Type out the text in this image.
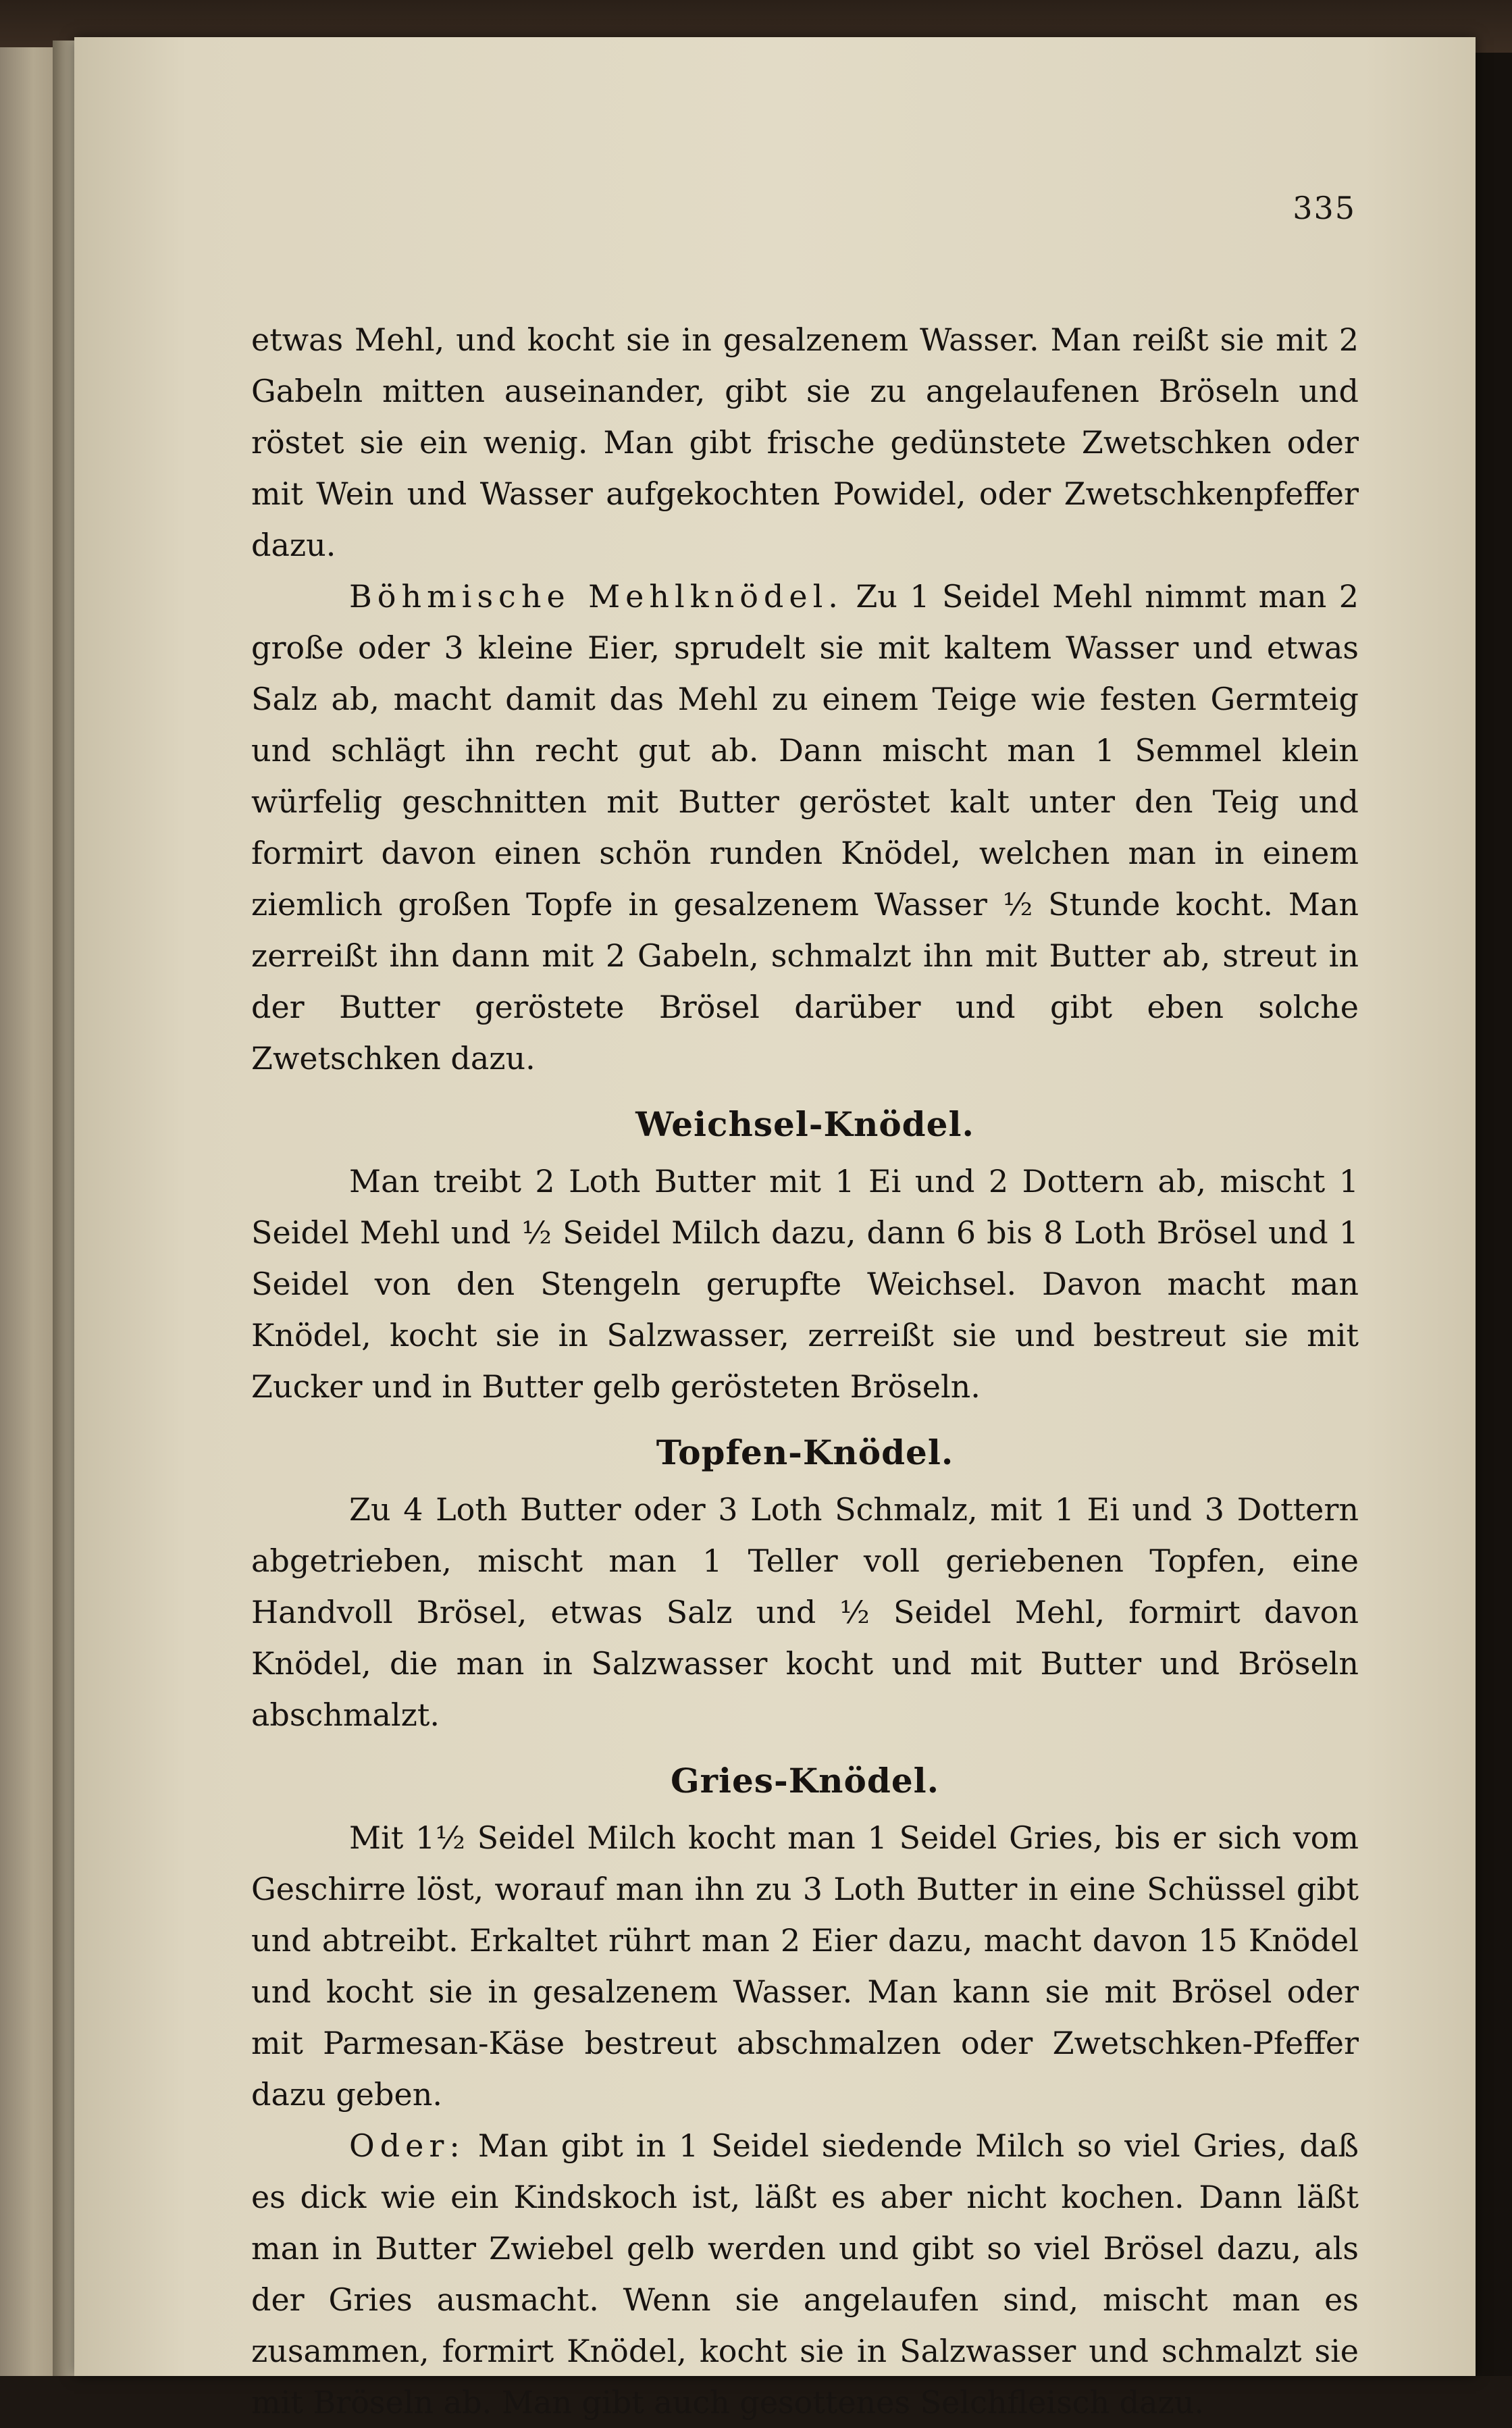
335

etwas Mehl, und kocht sie in gesalzenem Wasser. Man reißt sie mit 2 Gabeln mitten auseinander, gibt sie zu angelaufenen Bröseln und röstet sie ein wenig. Man gibt frische gedünstete Zwetschken oder mit Wein und Wasser aufgekochten Powidel, oder Zwetschkenpfeffer dazu.

Böhmische Mehlknödel. Zu 1 Seidel Mehl nimmt man 2 große oder 3 kleine Eier, sprudelt sie mit kaltem Wasser und etwas Salz ab, macht damit das Mehl zu einem Teige wie festen Germteig und schlägt ihn recht gut ab. Dann mischt man 1 Semmel klein würfelig geschnitten mit Butter geröstet kalt unter den Teig und formirt davon einen schön runden Knödel, welchen man in einem ziemlich großen Topfe in gesalzenem Wasser ½ Stunde kocht. Man zerreißt ihn dann mit 2 Gabeln, schmalzt ihn mit Butter ab, streut in der Butter geröstete Brösel darüber und gibt eben solche Zwetschken dazu.

Weichsel-Knödel.

Man treibt 2 Loth Butter mit 1 Ei und 2 Dottern ab, mischt 1 Seidel Mehl und ½ Seidel Milch dazu, dann 6 bis 8 Loth Brösel und 1 Seidel von den Stengeln gerupfte Weichsel. Davon macht man Knödel, kocht sie in Salzwasser, zerreißt sie und bestreut sie mit Zucker und in Butter gelb gerösteten Bröseln.

Topfen-Knödel.

Zu 4 Loth Butter oder 3 Loth Schmalz, mit 1 Ei und 3 Dottern abgetrieben, mischt man 1 Teller voll geriebenen Topfen, eine Handvoll Brösel, etwas Salz und ½ Seidel Mehl, formirt davon Knödel, die man in Salzwasser kocht und mit Butter und Bröseln abschmalzt.

Gries-Knödel.

Mit 1½ Seidel Milch kocht man 1 Seidel Gries, bis er sich vom Geschirre löst, worauf man ihn zu 3 Loth Butter in eine Schüssel gibt und abtreibt. Erkaltet rührt man 2 Eier dazu, macht davon 15 Knödel und kocht sie in gesalzenem Wasser. Man kann sie mit Brösel oder mit Parmesan-Käse bestreut abschmalzen oder Zwetschken-Pfeffer dazu geben.

Oder: Man gibt in 1 Seidel siedende Milch so viel Gries, daß es dick wie ein Kindskoch ist, läßt es aber nicht kochen. Dann läßt man in Butter Zwiebel gelb werden und gibt so viel Brösel dazu, als der Gries ausmacht. Wenn sie angelaufen sind, mischt man es zusammen, formirt Knödel, kocht sie in Salzwasser und schmalzt sie mit Bröseln ab. Man gibt auch gesottenes Selchfleisch dazu.
